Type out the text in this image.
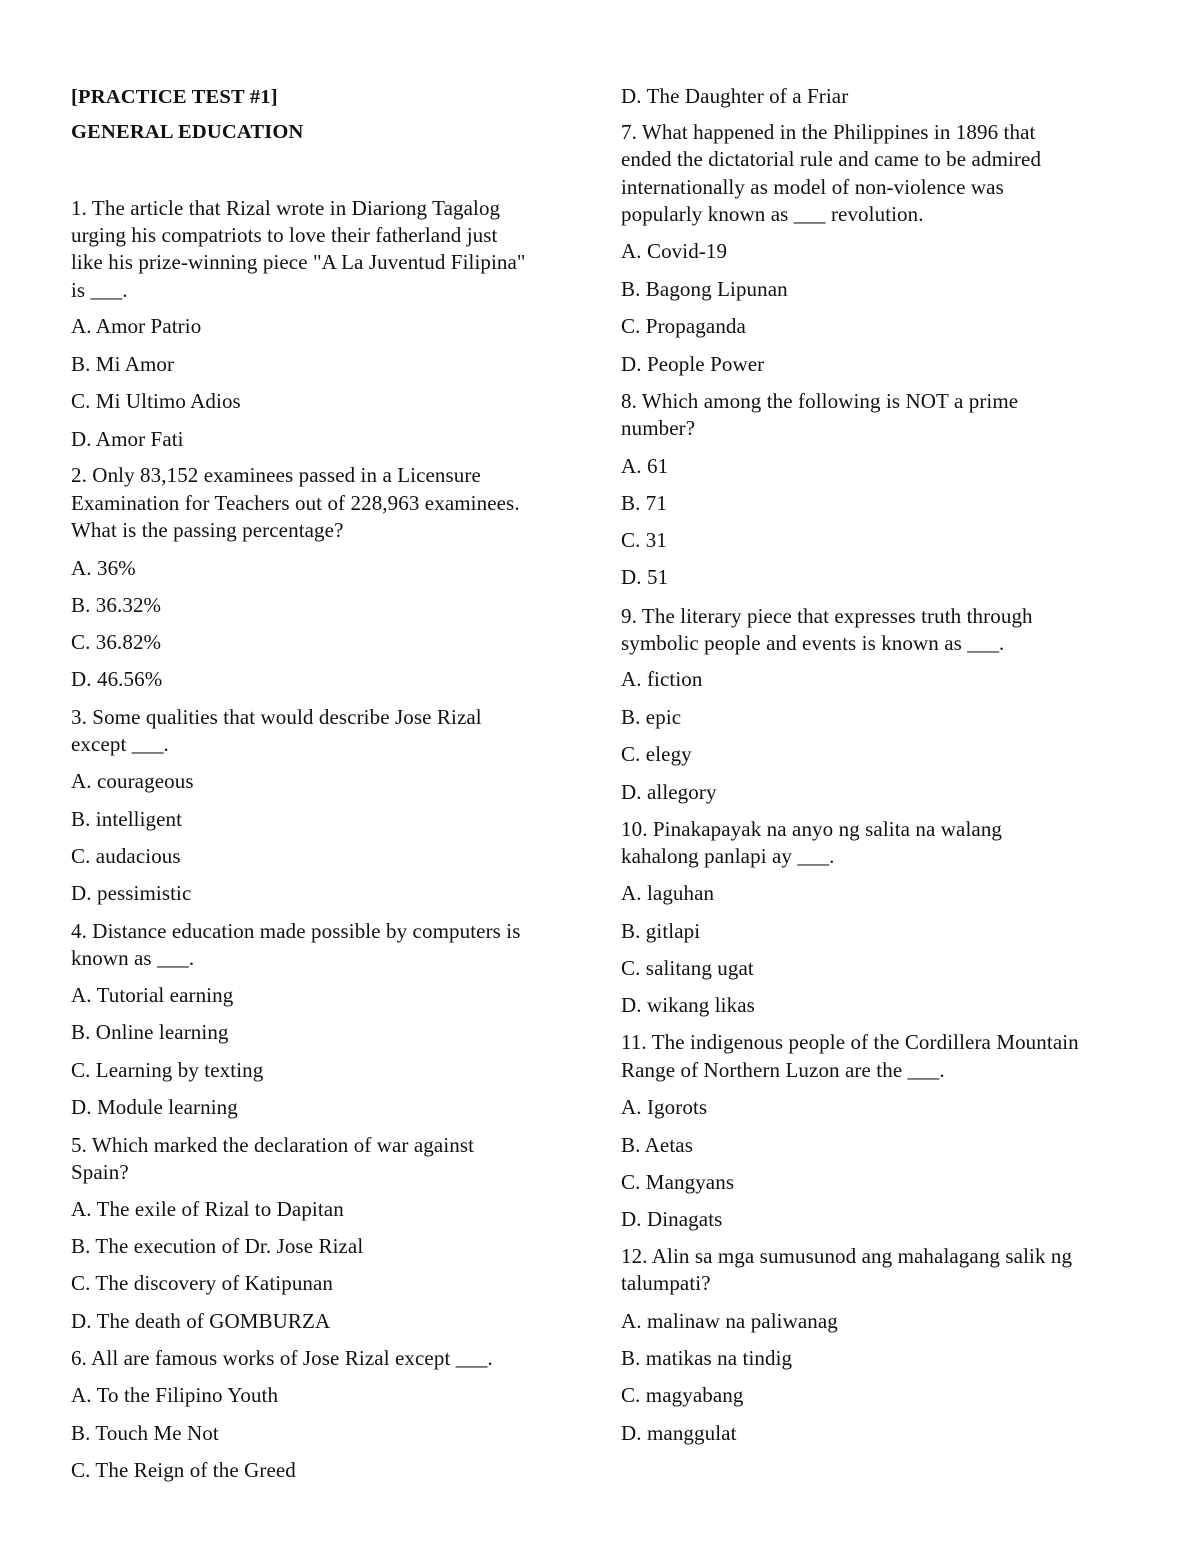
[PRACTICE TEST #1]
GENERAL EDUCATION
1. The article that Rizal wrote in Diariong Tagalog
urging his compatriots to love their fatherland just
like his prize-winning piece "A La Juventud Filipina"
is ___.
A. Amor Patrio
B. Mi Amor
C. Mi Ultimo Adios
D. Amor Fati
2. Only 83,152 examinees passed in a Licensure
Examination for Teachers out of 228,963 examinees.
What is the passing percentage?
A. 36%
B. 36.32%
C. 36.82%
D. 46.56%
3. Some qualities that would describe Jose Rizal
except ___.
A. courageous
B. intelligent
C. audacious
D. pessimistic
4. Distance education made possible by computers is
known as ___.
A. Tutorial earning
B. Online learning
C. Learning by texting
D. Module learning
5. Which marked the declaration of war against
Spain?
A. The exile of Rizal to Dapitan
B. The execution of Dr. Jose Rizal
C. The discovery of Katipunan
D. The death of GOMBURZA
6. All are famous works of Jose Rizal except ___.
A. To the Filipino Youth
B. Touch Me Not
C. The Reign of the Greed
D. The Daughter of a Friar
7. What happened in the Philippines in 1896 that
ended the dictatorial rule and came to be admired
internationally as model of non-violence was
popularly known as ___ revolution.
A. Covid-19
B. Bagong Lipunan
C. Propaganda
D. People Power
8. Which among the following is NOT a prime
number?
A. 61
B. 71
C. 31
D. 51
9. The literary piece that expresses truth through
symbolic people and events is known as ___.
A. fiction
B. epic
C. elegy
D. allegory
10. Pinakapayak na anyo ng salita na walang
kahalong panlapi ay ___.
A. laguhan
B. gitlapi
C. salitang ugat
D. wikang likas
11. The indigenous people of the Cordillera Mountain
Range of Northern Luzon are the ___.
A. Igorots
B. Aetas
C. Mangyans
D. Dinagats
12. Alin sa mga sumusunod ang mahalagang salik ng
talumpati?
A. malinaw na paliwanag
B. matikas na tindig
C. magyabang
D. manggulat
